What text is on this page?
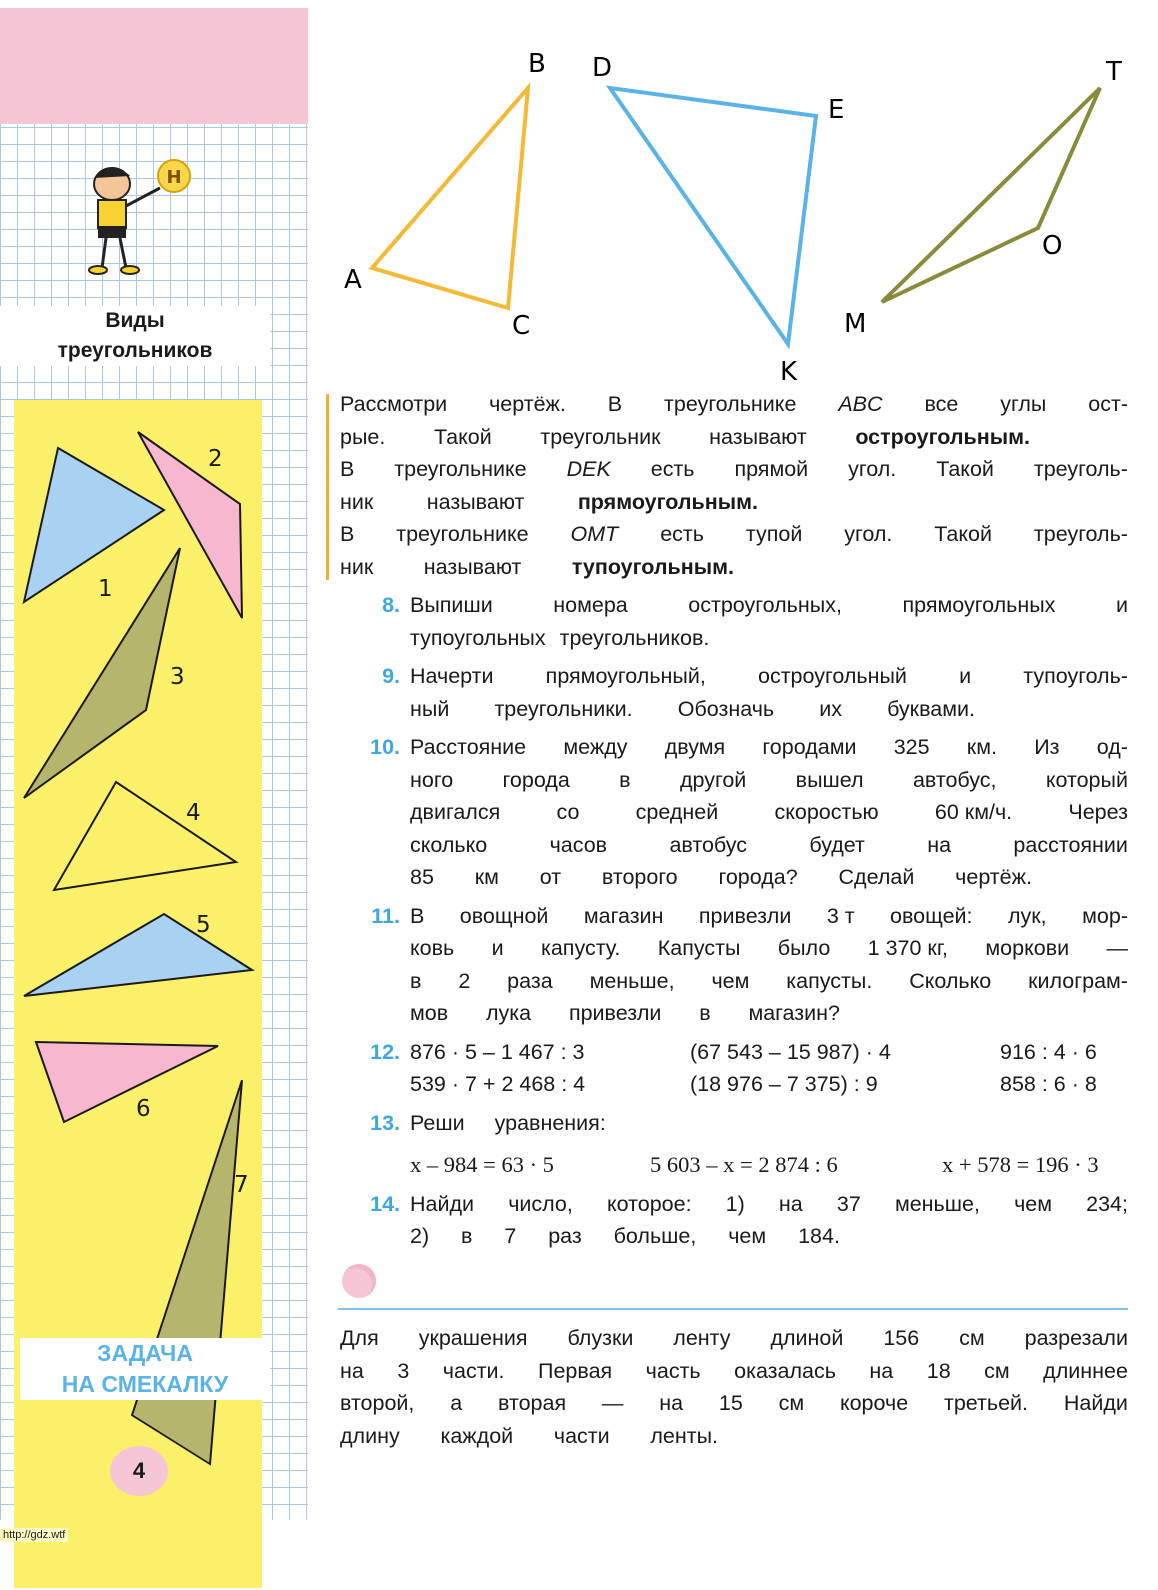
Н
Виды
треугольников
1
2
3
4
5
6
7
ЗАДАЧА
НА СМЕКАЛКУ
4
B
A
C
D
E
K
T
O
M
Рассмотри чертёж. В треугольнике ABC все углы ост-
рые. Такой треугольник называют остроугольным.
В треугольнике DEK есть прямой угол. Такой треуголь-
ник называют прямоугольным.
В треугольнике OMT есть тупой угол. Такой треуголь-
ник называют тупоугольным.
8. Выпиши	номера	остроугольных,	прямоугольных	и
тупоугольных треугольников.
9. Начерти прямоугольный, остроугольный и тупоуголь-
ный треугольники. Обозначь их буквами.
10. Расстояние между двумя городами 325 км. Из од-
ного города в другой вышел автобус, который
двигался	со	средней	скоростью	60 км/ч.	Через
сколько	часов	автобус	будет	на	расстоянии
85 км от второго города? Сделай чертёж.
11. В овощной магазин привезли 3 т овощей: лук, мор-
ковь и капусту. Капусты было 1 370 кг, моркови —
в 2 раза меньше, чем капусты. Сколько килограм-
мов лука привезли в магазин?
12. 876 · 5 – 1 467 : 3	(67 543 – 15 987) · 4	916 : 4 · 6
539 · 7 + 2 468 : 4	(18 976 – 7 375) : 9	858 : 6 · 8
13. Реши уравнения:
x – 984 = 63 · 5	5 603 – x = 2 874 : 6	x + 578 = 196 · 3
14. Найди число, которое: 1) на 37 меньше, чем 234;
2) в 7 раз больше, чем 184.
Для украшения блузки ленту длиной 156 см разрезали
на 3 части. Первая часть оказалась на 18 см длиннее
второй, а вторая — на 15 см короче третьей. Найди
длину каждой части ленты.
http://gdz.wtf
